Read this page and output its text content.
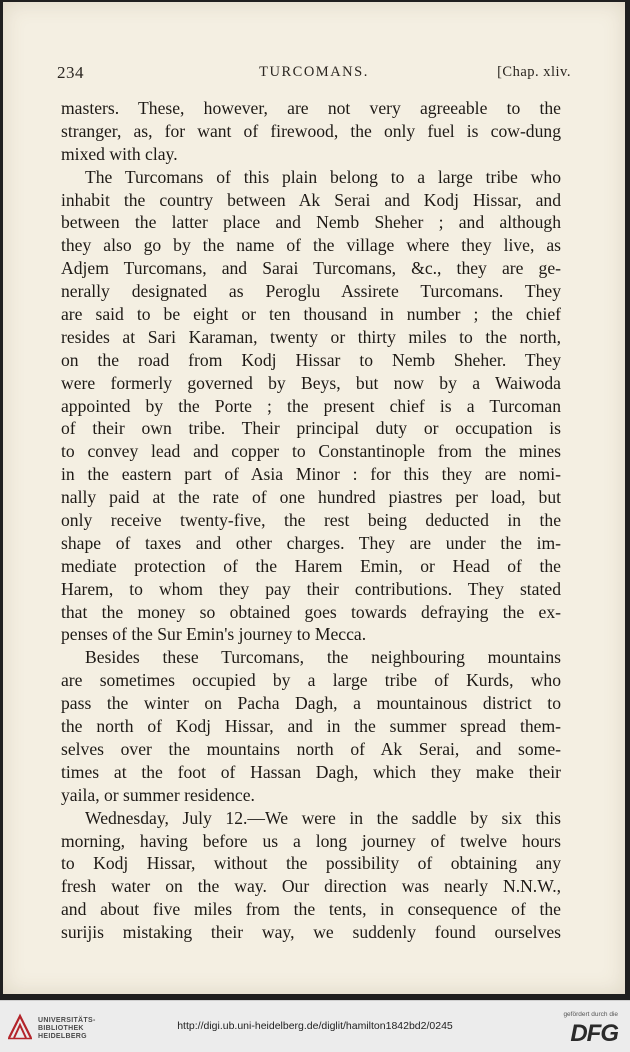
234	TURCOMANS.	[Chap. xliv.
masters. These, however, are not very agreeable to the
stranger, as, for want of firewood, the only fuel is cow-dung
mixed with clay.
The Turcomans of this plain belong to a large tribe who
inhabit the country between Ak Serai and Kodj Hissar, and
between the latter place and Nemb Sheher ; and although
they also go by the name of the village where they live, as
Adjem Turcomans, and Sarai Turcomans, &c., they are ge-
nerally designated as Peroglu Assirete Turcomans. They
are said to be eight or ten thousand in number ; the chief
resides at Sari Karaman, twenty or thirty miles to the north,
on the road from Kodj Hissar to Nemb Sheher. They
were formerly governed by Beys, but now by a Waiwoda
appointed by the Porte ; the present chief is a Turcoman
of their own tribe. Their principal duty or occupation is
to convey lead and copper to Constantinople from the mines
in the eastern part of Asia Minor : for this they are nomi-
nally paid at the rate of one hundred piastres per load, but
only receive twenty-five, the rest being deducted in the
shape of taxes and other charges. They are under the im-
mediate protection of the Harem Emin, or Head of the
Harem, to whom they pay their contributions. They stated
that the money so obtained goes towards defraying the ex-
penses of the Sur Emin's journey to Mecca.
Besides these Turcomans, the neighbouring mountains
are sometimes occupied by a large tribe of Kurds, who
pass the winter on Pacha Dagh, a mountainous district to
the north of Kodj Hissar, and in the summer spread them-
selves over the mountains north of Ak Serai, and some-
times at the foot of Hassan Dagh, which they make their
yaila, or summer residence.
Wednesday, July 12.—We were in the saddle by six this
morning, having before us a long journey of twelve hours
to Kodj Hissar, without the possibility of obtaining any
fresh water on the way. Our direction was nearly N.N.W.,
and about five miles from the tents, in consequence of the
surijis mistaking their way, we suddenly found ourselves
UNIVERSITÄTS-
BIBLIOTHEK
HEIDELBERG
http://digi.ub.uni-heidelberg.de/diglit/hamilton1842bd2/0245
gefördert durch die
DFG
